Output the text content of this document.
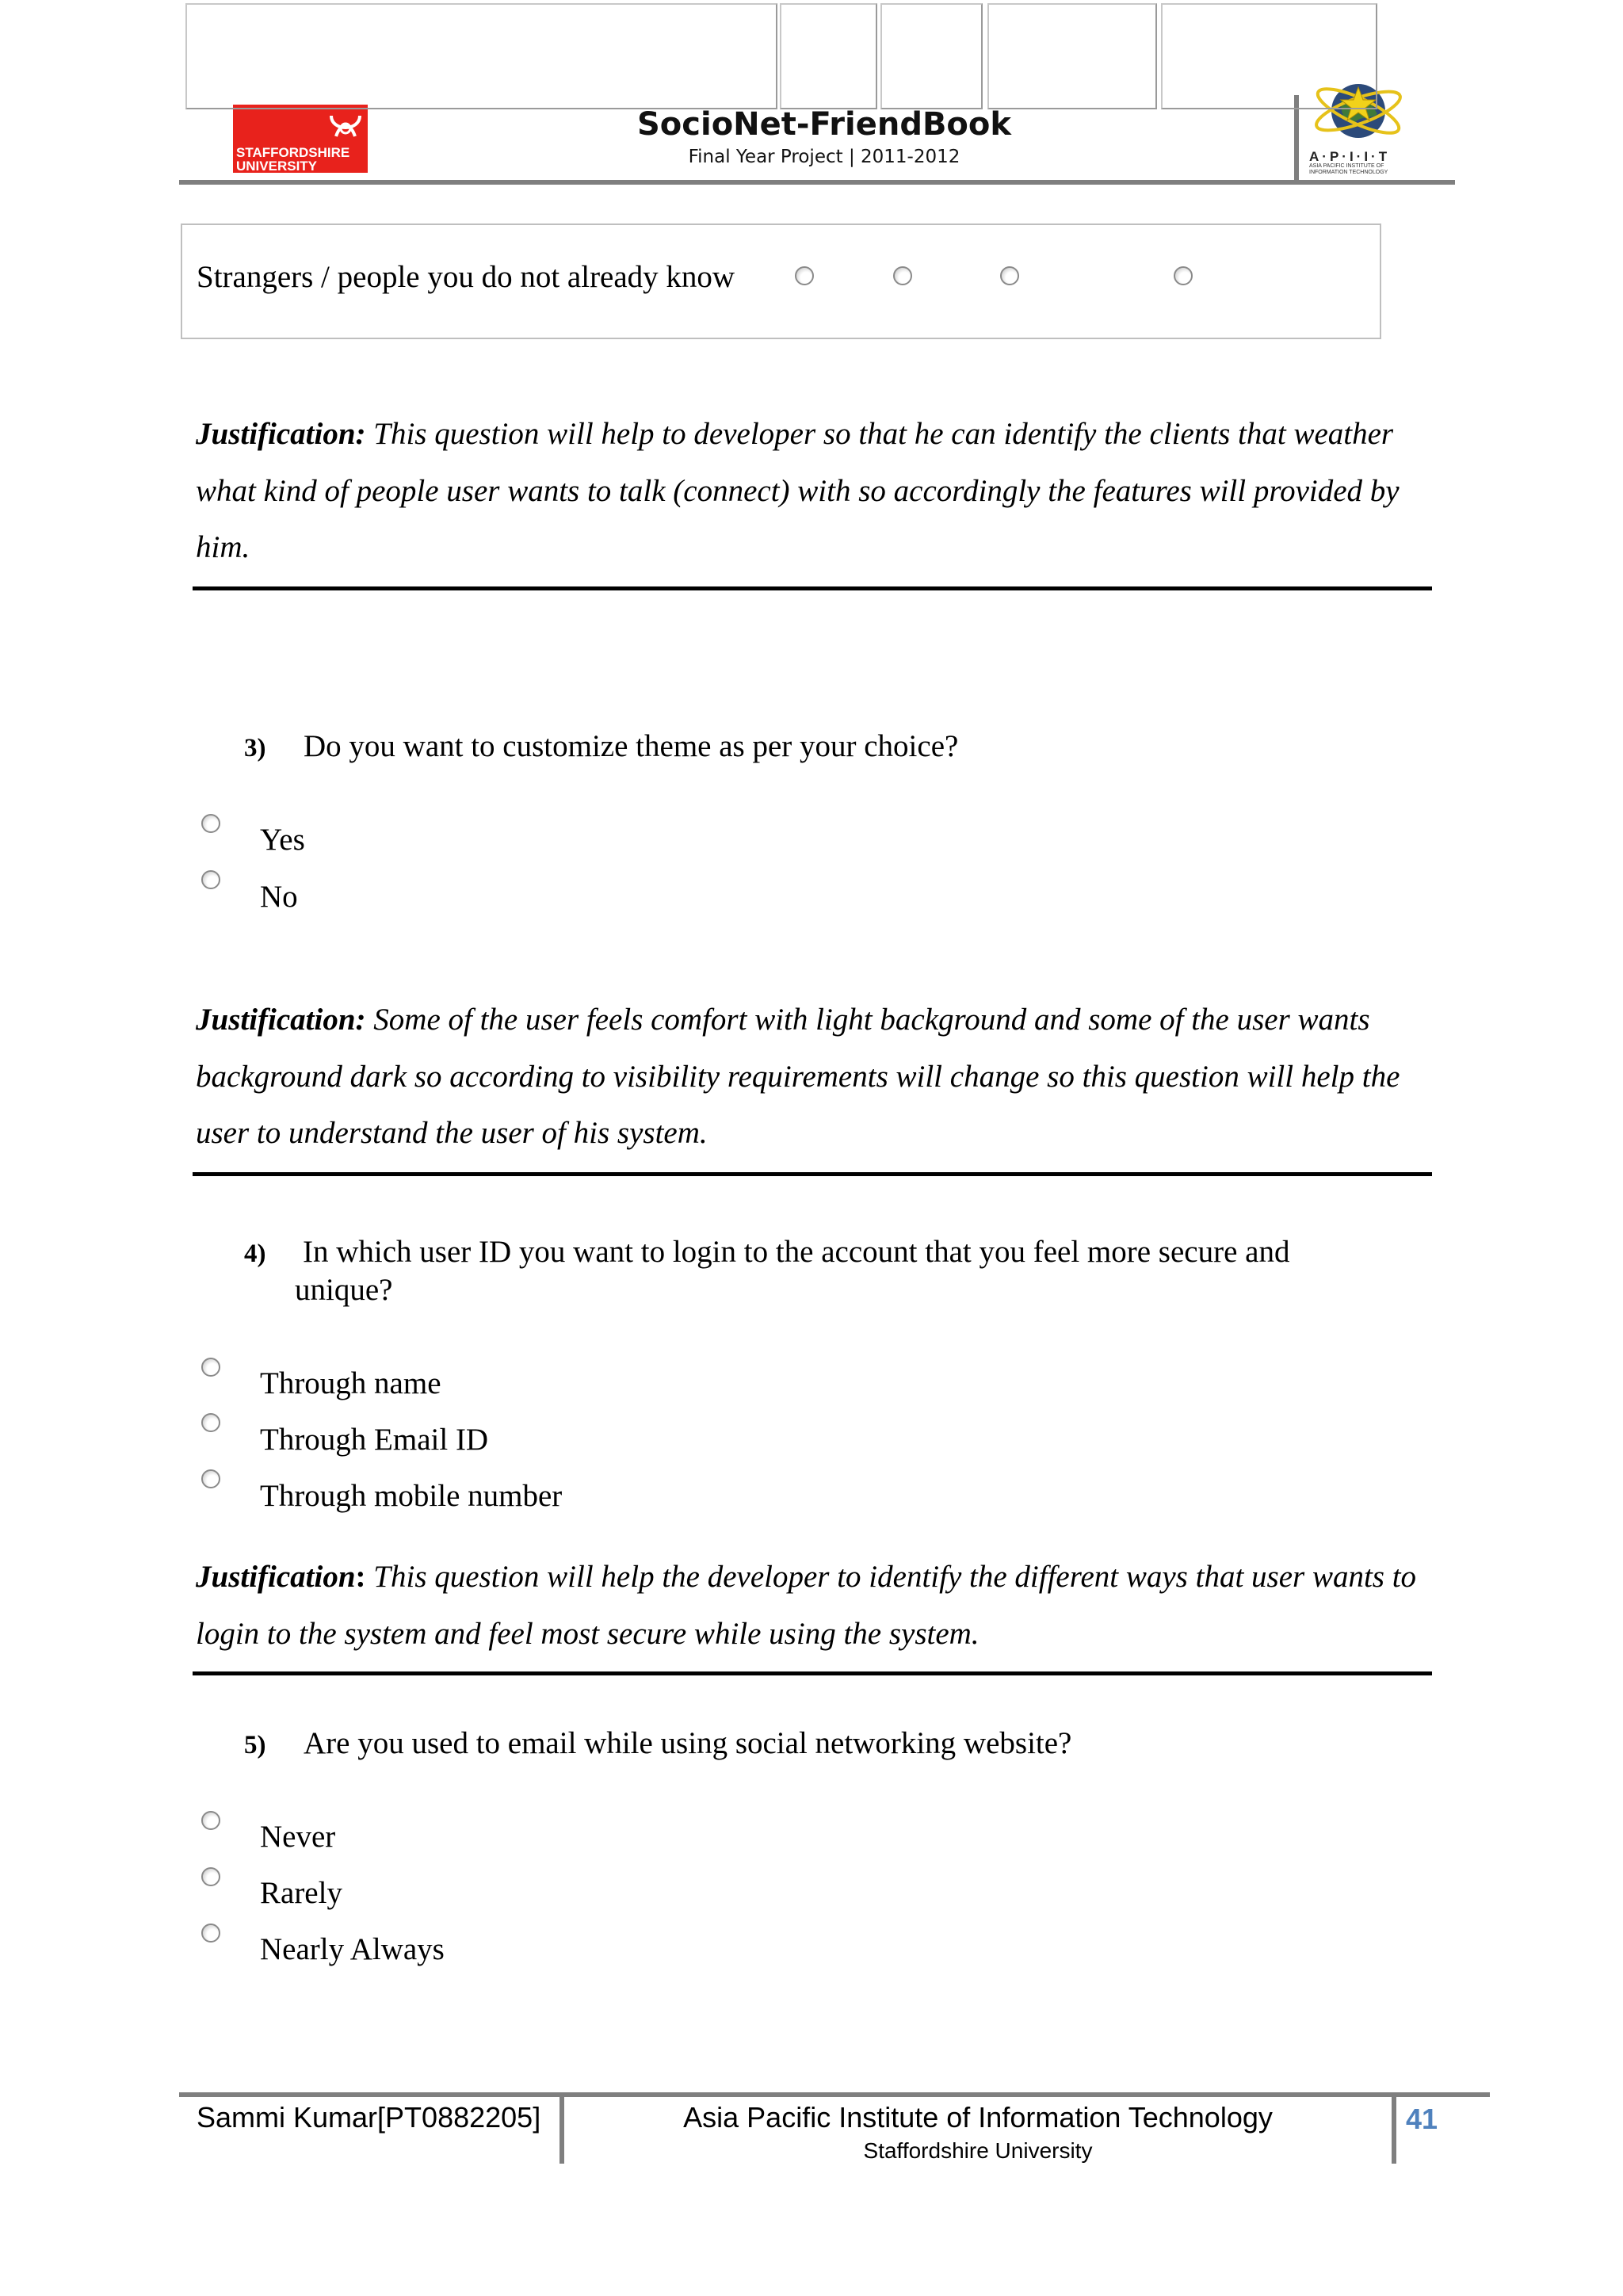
STAFFORDSHIRE
UNIVERSITY
SocioNet-FriendBook
Final Year Project | 2011-2012	A·P·I·I·T
ASIA PACIFIC INSTITUTE OF INFORMATION TECHNOLOGY
Strangers / people you do not already know
Justification: This question will help to developer so that he can identify the clients that weather what kind of people user wants to talk (connect) with so accordingly the features will provided by him.
3) Do you want to customize theme as per your choice?
Yes
No
Justification: Some of the user feels comfort with light background and some of the user wants background dark so according to visibility requirements will change so this question will help the user to understand the user of his system.
4) In which user ID you want to login to the account that you feel more secure and unique?
Through name
Through Email ID
Through mobile number
Justification: This question will help the developer to identify the different ways that user wants to login to the system and feel most secure while using the system.
5) Are you used to email while using social networking website?
Never
Rarely
Nearly Always
Sammi Kumar[PT0882205]	Asia Pacific Institute of Information Technology
Staffordshire University
41
